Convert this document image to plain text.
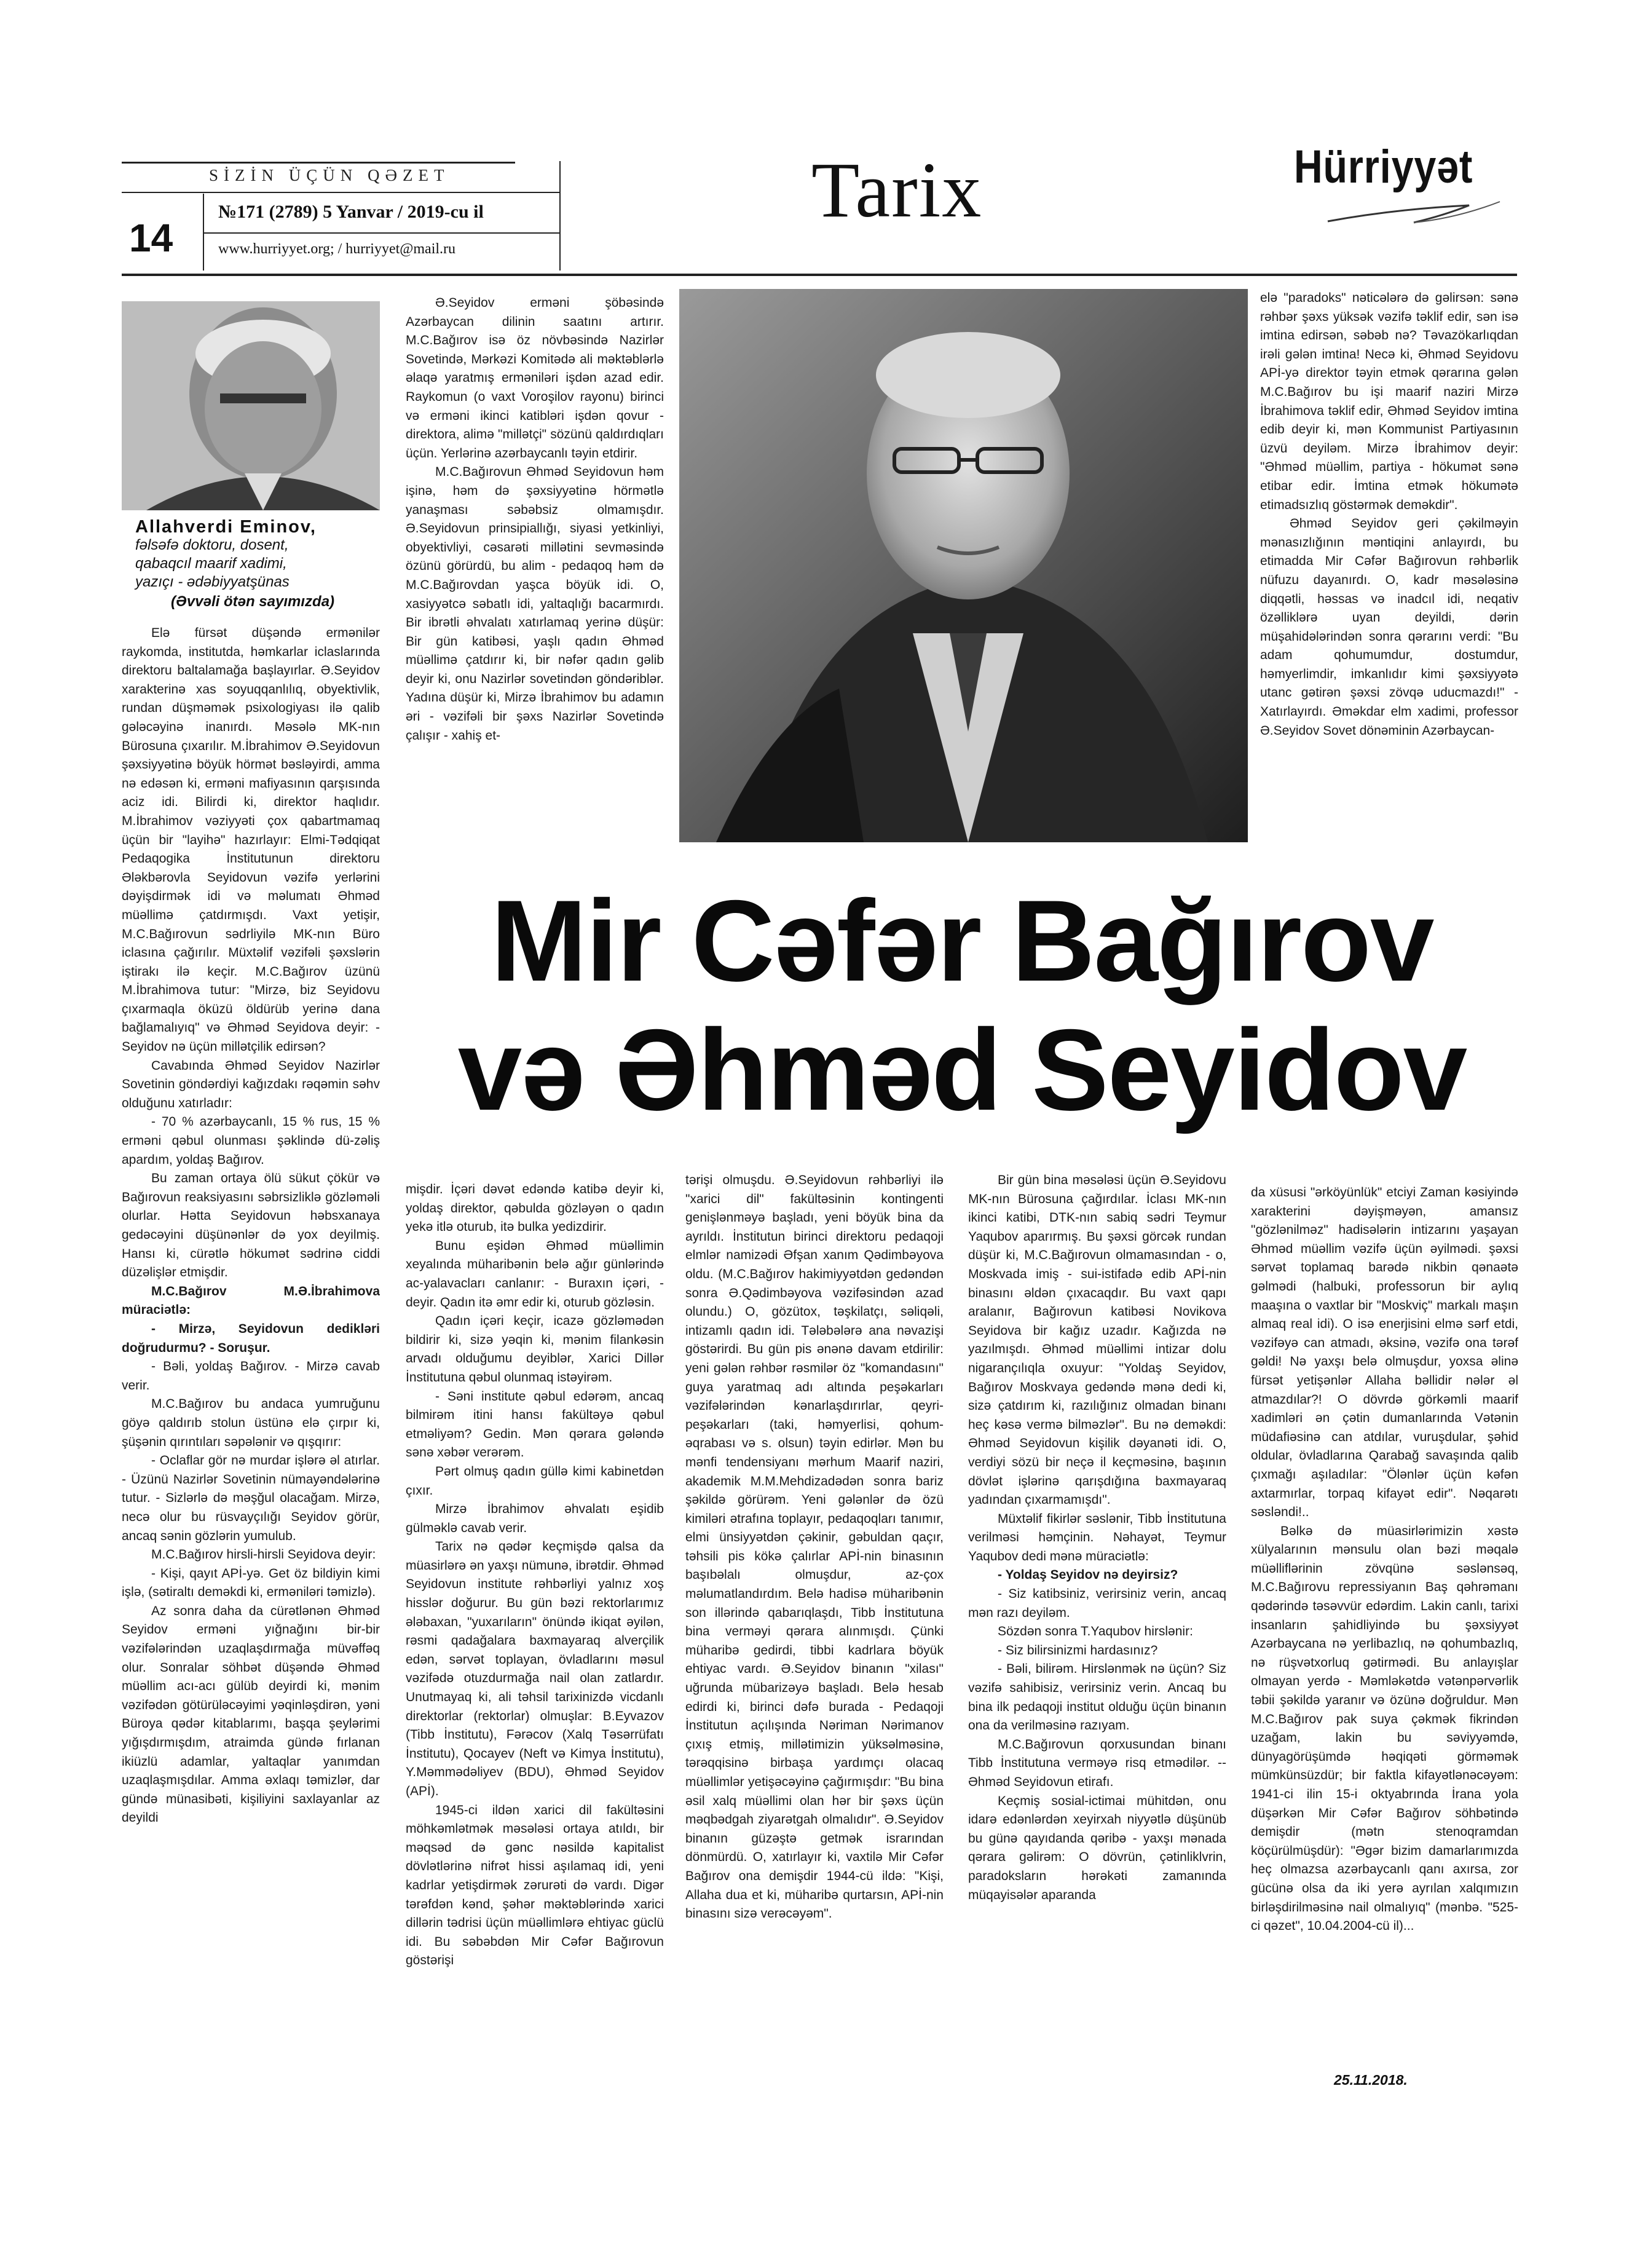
SİZİN ÜÇÜN QƏZET
14
№171 (2789) 5 Yanvar / 2019-cu il
www.hurriyyet.org; / hurriyyet@mail.ru
Tarix	Hürriyyət
Allahverdi Eminov,
fəlsəfə doktoru, dosent,
qabaqcıl maarif xadimi,
yazıçı - ədəbiyyatşünas
(Əvvəli ötən sayımızda)

Elə fürsət düşəndə ermənilər raykomda, institutda, həmkarlar iclaslarında direktoru baltalamağa başlayırlar. Ə.Seyidov xarakterinə xas soyuqqanlılıq, obyektivlik, rundan düşməmək psixologiyası ilə qalib gələcəyinə inanırdı. Məsələ MK-nın Bürosuna çıxarılır. M.İbrahimov Ə.Seyidovun şəxsiyyətinə böyük hörmət bəsləyirdi, amma nə edəsən ki, erməni mafiyasının qarşısında aciz idi. Bilirdi ki, direktor haqlıdır. M.İbrahimov vəziyyəti çox qabartmamaq üçün bir "layihə" hazırlayır: Elmi-Tədqiqat Pedaqogika İnstitutunun direktoru Ələkbərovla Seyidovun vəzifə yerlərini dəyişdirmək idi və məlumatı Əhməd müəllimə çatdırmışdı. Vaxt yetişir, M.C.Bağırovun sədrliyilə MK-nın Büro iclasına çağırılır. Müxtəlif vəzifəli şəxslərin iştirakı ilə keçir. M.C.Bağırov üzünü M.İbrahimova tutur: "Mirzə, biz Seyidovu çıxarmaqla öküzü öldürüb yerinə dana bağlamalıyıq" və Əhməd Seyidova deyir: - Seyidov nə üçün millətçilik edirsən?

Cavabında Əhməd Seyidov Nazirlər Sovetinin göndərdiyi kağızdakı rəqəmin səhv olduğunu xatırladır:

- 70 % azərbaycanlı, 15 % rus, 15 % erməni qəbul olunması şəklində dü-zəliş apardım, yoldaş Bağırov.

Bu zaman ortaya ölü sükut çökür və Bağırovun reaksiyasını səbrsizliklə gözləməli olurlar. Hətta Seyidovun həbsxanaya gedəcəyini düşünənlər də yox deyilmiş. Hansı ki, cürətlə hökumət sədrinə ciddi düzəlişlər etmişdir.

M.C.Bağırov M.Ə.İbrahimova müraciətlə:

- Mirzə, Seyidovun dedikləri doğrudurmu? - Soruşur.

- Bəli, yoldaş Bağırov. - Mirzə cavab verir.

M.C.Bağırov bu andaca yumruğunu göyə qaldırıb stolun üstünə elə çırpır ki, şüşənin qırıntıları səpələnir və qışqırır:

- Oclaflar gör nə murdar işlərə əl atırlar. - Üzünü Nazirlər Sovetinin nümayəndələrinə tutur. - Sizlərlə də məşğul olacağam. Mirzə, necə olur bu rüsvayçılığı Seyidov görür, ancaq sənin gözlərin yumulub.

M.C.Bağırov hirsli-hirsli Seyidova deyir:

- Kişi, qayıt APİ-yə. Get öz bildiyin kimi işlə, (sətiraltı deməkdi ki, erməniləri təmizlə).

Az sonra daha da cürətlənən Əhməd Seyidov erməni yığnağını bir-bir vəzifələrindən uzaqlaşdırmağa müvəffəq olur. Sonralar söhbət düşəndə Əhməd müəllim acı-acı gülüb deyirdi ki, mənim vəzifədən götürüləcəyimi yəqinləşdirən, yəni Büroya qədər kitablarımı, başqa şeylərimi yığışdırmışdım, atraimda gündə fırlanan ikiüzlü adamlar, yaltaqlar yanımdan uzaqlaşmışdılar. Amma əxlaqı təmizlər, dar gündə münasibəti, kişiliyini saxlayanlar az deyildi

Ə.Seyidov erməni şöbəsində Azərbaycan dilinin saatını artırır. M.C.Bağırov isə öz növbəsində Nazirlər Sovetində, Mərkəzi Komitədə ali məktəblərlə əlaqə yaratmış erməniləri işdən azad edir. Raykomun (o vaxt Voroşilov rayonu) birinci və erməni ikinci katibləri işdən qovur - direktora, alimə "millətçi" sözünü qaldırdıqları üçün. Yerlərinə azərbaycanlı təyin etdirir.

M.C.Bağırovun Əhməd Seyidovun həm işinə, həm də şəxsiyyətinə hörmətlə yanaşması səbəbsiz olmamışdır. Ə.Seyidovun prinsipiallığı, siyasi yetkinliyi, obyektivliyi, cəsarəti millətini sevməsində özünü görürdü, bu alim - pedaqoq həm də M.C.Bağırovdan yaşca böyük idi. O, xasiyyətcə səbatlı idi, yaltaqlığı bacarmırdı. Bir ibrətli əhvalatı xatırlamaq yerinə düşür: Bir gün katibəsi, yaşlı qadın Əhməd müəllimə çatdırır ki, bir nəfər qadın gəlib deyir ki, onu Nazirlər sovetindən göndəriblər. Yadına düşür ki, Mirzə İbrahimov bu adamın əri - vəzifəli bir şəxs Nazirlər Sovetində çalışır - xahiş et-

elə "paradoks" nəticələrə də gəlirsən: sənə rəhbər şəxs yüksək vəzifə təklif edir, sən isə imtina edirsən, səbəb nə? Təvazökarlıqdan irəli gələn imtina! Necə ki, Əhməd Seyidovu APİ-yə direktor təyin etmək qərarına gələn M.C.Bağırov bu işi maarif naziri Mirzə İbrahimova təklif edir, Əhməd Seyidov imtina edib deyir ki, mən Kommunist Partiyasının üzvü deyiləm. Mirzə İbrahimov deyir: "Əhməd müəllim, partiya - hökumət sənə etibar edir. İmtina etmək hökumətə etimadsızlıq göstərmək deməkdir".

Əhməd Seyidov geri çəkilməyin mənasızlığının məntiqini anlayırdı, bu etimadda Mir Cəfər Bağırovun rəhbərlik nüfuzu dayanırdı. O, kadr məsələsinə diqqətli, həssas və inadcıl idi, neqativ özəlliklərə uyan deyildi, dərin müşahidələrindən sonra qərarını verdi: "Bu adam qohumumdur, dostumdur, həmyerlimdir, imkanlıdır kimi şəxsiyyətə utanc gətirən şəxsi zövqə uducmazdı!" - Xatırlayırdı. Əməkdar elm xadimi, professor Ə.Seyidov Sovet dönəminin Azərbaycan-

Mir Cəfər Bağırov
və Əhməd Seyidov

mişdir. İçəri dəvət edəndə katibə deyir ki, yoldaş direktor, qəbulda gözləyən o qadın yekə itlə oturub, itə bulka yedizdirir.

Bunu eşidən Əhməd müəllimin xeyalında müharibənin belə ağır günlərində ac-yalavacları canlanır: - Buraxın içəri, - deyir. Qadın itə əmr edir ki, oturub gözləsin.

Qadın içəri keçir, icazə gözləmədən bildirir ki, sizə yəqin ki, mənim filankəsin arvadı olduğumu deyiblər, Xarici Dillər İnstitutuna qəbul olunmaq istəyirəm.

- Səni institute qəbul edərəm, ancaq bilmirəm itini hansı fakültəyə qəbul etməliyəm? Gedin. Mən qərara gələndə sənə xəbər verərəm.

Pərt olmuş qadın güllə kimi kabinetdən çıxır.

Mirzə İbrahimov əhvalatı eşidib gülməklə cavab verir.

Tarix nə qədər keçmişdə qalsa da müasirlərə ən yaxşı nümunə, ibrətdir. Əhməd Seyidovun institute rəhbərliyi yalnız xoş hisslər doğurur. Bu gün bəzi rektorlarımız ələbaxan, "yuxarıların" önündə ikiqat əyilən, rəsmi qadağalara baxmayaraq alverçilik edən, sərvət toplayan, övladlarını məsul vəzifədə otuzdurmağa nail olan zatlardır. Unutmayaq ki, ali təhsil tarixinizdə vicdanlı direktorlar (rektorlar) olmuşlar: B.Eyvazov (Tibb İnstitutu), Fərəcov (Xalq Təsərrüfatı İnstitutu), Qocayev (Neft və Kimya İnstitutu), Y.Məmmədəliyev (BDU), Əhməd Seyidov (APİ).

1945-ci ildən xarici dil fakültəsini möhkəmlətmək məsələsi ortaya atıldı, bir məqsəd də gənc nəsildə kapitalist dövlətlərinə nifrət hissi aşılamaq idi, yeni kadrlar yetişdirmək zərurəti də vardı. Digər tərəfdən kənd, şəhər məktəblərində xarici dillərin tədrisi üçün müəllimlərə ehtiyac güclü idi. Bu səbəbdən Mir Cəfər Bağırovun göstərişi

tərişi olmuşdu. Ə.Seyidovun rəhbərliyi ilə "xarici dil" fakültəsinin kontingenti genişlənməyə başladı, yeni böyük bina da ayrıldı. İnstitutun birinci direktoru pedaqoji elmlər namizədi Əfşan xanım Qədimbəyova oldu. (M.C.Bağırov hakimiyyətdən gedəndən sonra Ə.Qədimbəyova vəzifəsindən azad olundu.) O, gözütox, təşkilatçı, səliqəli, intizamlı qadın idi. Tələbələrə ana nəvazişi göstərirdi. Bu gün pis ənənə davam etdirilir: yeni gələn rəhbər rəsmilər öz "komandasını" guya yaratmaq adı altında peşəkarları vəzifələrindən kənarlaşdırırlar, qeyri-peşəkarları (taki, həmyerlisi, qohum-əqrabası və s. olsun) təyin edirlər. Mən bu mənfi tendensiyanı mərhum Maarif naziri, akademik M.M.Mehdizadədən sonra bariz şəkildə görürəm. Yeni gələnlər də özü kimiləri ətrafına toplayır, pedaqoqları tanımır, elmi ünsiyyətdən çəkinir, gəbuldan qaçır, təhsili pis kökə çalırlar APİ-nin binasının başıbəlalı olmuşdur, az-çox məlumatlandırdım. Belə hadisə müharibənin son illərində qabarıqlaşdı, Tibb İnstitutuna bina verməyi qərara alınmışdı. Çünki müharibə gedirdi, tibbi kadrlara böyük ehtiyac vardı. Ə.Seyidov binanın "xilası" uğrunda mübarizəyə başladı. Belə hesab edirdi ki, birinci dəfə burada - Pedaqoji İnstitutun açılışında Nəriman Nərimanov çıxış etmiş, millətimizin yüksəlməsinə, tərəqqisinə birbaşa yardımçı olacaq müəllimlər yetişəcəyinə çağırmışdır: "Bu bina əsil xalq müəllimi olan hər bir şəxs üçün məqbədgah ziyarətgah olmalıdır". Ə.Seyidov binanın güzəştə getmək israrından dönmürdü. O, xatırlayır ki, vaxtilə Mir Cəfər Bağırov ona demişdir 1944-cü ildə: "Kişi, Allaha dua et ki, müharibə qurtarsın, APİ-nin binasını sizə verəcəyəm".

Bir gün bina məsələsi üçün Ə.Seyidovu MK-nın Bürosuna çağırdılar. İclası MK-nın ikinci katibi, DTK-nın sabiq sədri Teymur Yaqubov aparırmış. Bu şəxsi görcək rundan düşür ki, M.C.Bağırovun olmamasından - o, Moskvada imiş - sui-istifadə edib APİ-nin binasını əldən çıxacaqdır. Bu vaxt qapı aralanır, Bağırovun katibəsi Novikova Seyidova bir kağız uzadır. Kağızda nə yazılmışdı. Əhməd müəllimi intizar dolu nigarançılıqla oxuyur: "Yoldaş Seyidov, Bağırov Moskvaya gedəndə mənə dedi ki, sizə çatdırım ki, razılığınız olmadan binanı heç kəsə vermə bilməzlər". Bu nə deməkdi: Əhməd Seyidovun kişilik dəyanəti idi. O, verdiyi sözü bir neçə il keçməsinə, başının dövlət işlərinə qarışdığına baxmayaraq yadından çıxarmamışdı".

Müxtəlif fikirlər səslənir, Tibb İnstitutuna verilməsi həmçinin. Nəhayət, Teymur Yaqubov dedi mənə müraciətlə:

- Yoldaş Seyidov nə deyirsiz?

- Siz katibsiniz, verirsiniz verin, ancaq mən razı deyiləm.

Sözdən sonra T.Yaqubov hirslənir:

- Siz bilirsinizmi hardasınız?

- Bəli, bilirəm. Hirslənmək nə üçün? Siz vəzifə sahibisiz, verirsiniz verin. Ancaq bu bina ilk pedaqoji institut olduğu üçün binanın ona da verilməsinə razıyam.

M.C.Bağırovun qorxusundan binanı Tibb İnstitutuna verməyə risq etmədilər. -- Əhməd Seyidovun etirafı.

Keçmiş sosial-ictimai mühitdən, onu idarə edənlərdən xeyirxah niyyətlə düşünüb bu günə qayıdanda qəribə - yaxşı mənada qərara gəlirəm: O dövrün, çətinliklvrin, paradoksların hərəkəti zamanında müqayisələr aparanda

da xüsusi "ərköyünlük" etciyi Zaman kəsiyində xarakterini dəyişməyən, amansız "gözlənilməz" hadisələrin intizarını yaşayan Əhməd müəllim vəzifə üçün əyilmədi. şəxsi sərvət toplamaq barədə nikbin qənaətə gəlmədi (halbuki, professorun bir aylıq maaşına o vaxtlar bir "Moskviç" markalı maşın almaq real idi). O isə enerjisini elmə sərf etdi, vəzifəyə can atmadı, əksinə, vəzifə ona tərəf gəldi! Nə yaxşı belə olmuşdur, yoxsa əlinə fürsət yetişənlər Allaha bəllidir nələr əl atmazdılar?! O dövrdə görkəmli maarif xadimləri ən çətin dumanlarında Vətənin müdafiəsinə can atdılar, vuruşdular, şəhid oldular, övladlarına Qarabağ savaşında qalib çıxmağı aşıladılar: "Ölənlər üçün kəfən axtarmırlar, torpaq kifayət edir". Nəqarətı səsləndi!..

Bəlkə də müasirlərimizin xəstə xülyalarının mənsulu olan bəzi məqalə müəlliflərinin zövqünə səslənsəq, M.C.Bağırovu repressiyanın Baş qəhrəmanı qədərində təsəvvür edərdim. Lakin canlı, tarixi insanların şahidliyində bu şəxsiyyət Azərbaycana nə yerlibazlıq, nə qohumbazlıq, nə rüşvətxorluq gətirmədi. Bu anlayışlar olmayan yerdə - Məmləkətdə vətənpərvərlik təbii şəkildə yaranır və özünə doğruldur. Mən M.C.Bağırov pak suya çəkmək fikrindən uzağam, lakin bu səviyyəmdə, dünyagörüşümdə həqiqəti görməmək mümkünsüzdür; bir faktla kifayətlənəcəyəm: 1941-ci ilin 15-i oktyabrında İrana yola düşərkən Mir Cəfər Bağırov söhbətində demişdir (mətn stenoqramdan köçürülmüşdür): "Əgər bizim damarlarımızda heç olmazsa azərbaycanlı qanı axırsa, zor gücünə olsa da iki yerə ayrılan xalqımızın birləşdirilməsinə nail olmalıyıq" (mənbə. "525-ci qəzet", 10.04.2004-cü il)...

25.11.2018.
